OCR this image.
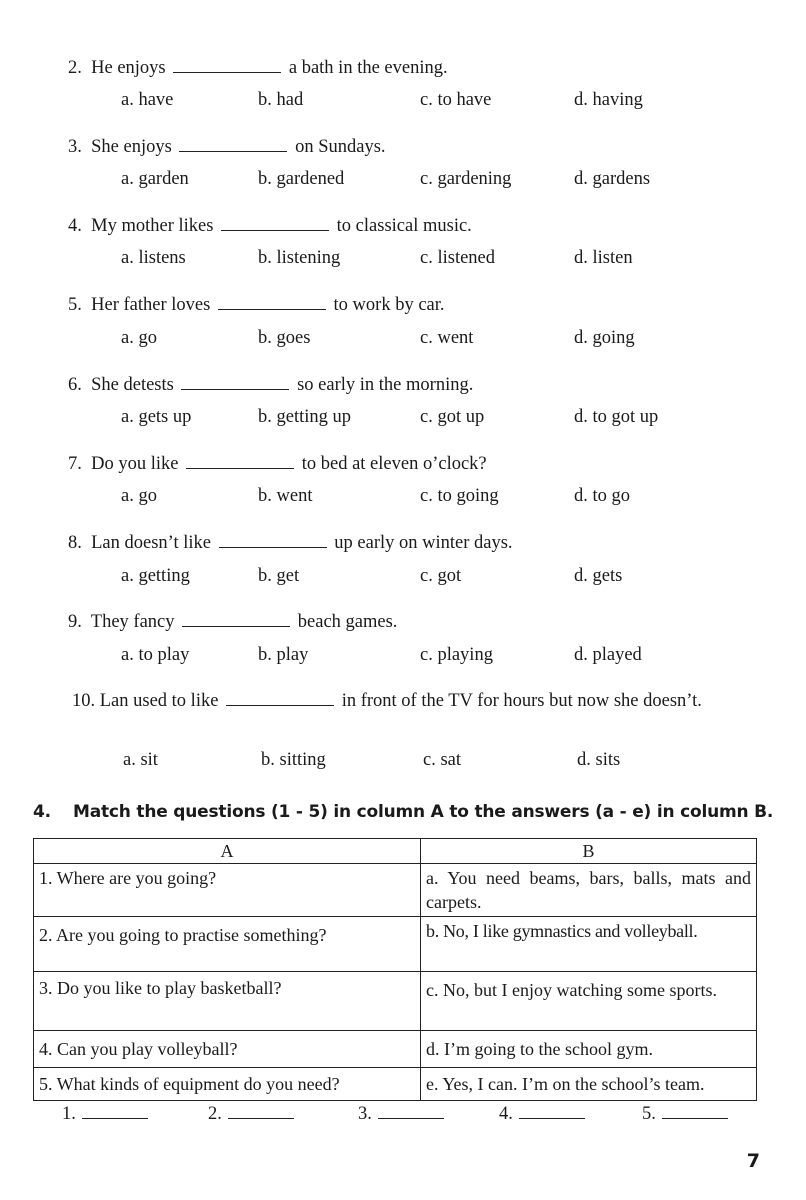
2. He enjoys	a bath in the evening.
a. have	b. had	c. to have	d. having
3. She enjoys	on Sundays.
a. garden	b. gardened	c. gardening	d. gardens
4. My mother likes	to classical music.
a. listens	b. listening	c. listened	d. listen
5. Her father loves	to work by car.
a. go	b. goes	c. went	d. going
6. She detests	so early in the morning.
a. gets up	b. getting up	c. got up	d. to got up
7. Do you like	to bed at eleven o’clock?
a. go	b. went	c. to going	d. to go
8. Lan doesn’t like	up early on winter days.
a. getting	b. get	c. got	d. gets
9. They fancy	beach games.
a. to play	b. play	c. playing	d. played
10. Lan used to like	in front of the TV for hours but now she doesn’t.
a. sit	b. sitting	c. sat	d. sits
4. Match the questions (1 - 5) in column A to the answers (a - e) in column B.
A	B
1. Where are you going?	a. You need beams, bars, balls, mats and carpets.
2. Are you going to practise something?	b. No, I like gymnastics and volleyball.
3. Do you like to play basketball?	c. No, but I enjoy watching some sports.
4. Can you play volleyball?	d. I’m going to the school gym.
5. What kinds of equipment do you need?	e. Yes, I can. I’m on the school’s team.
1.	2.	3.	4.	5.
7
